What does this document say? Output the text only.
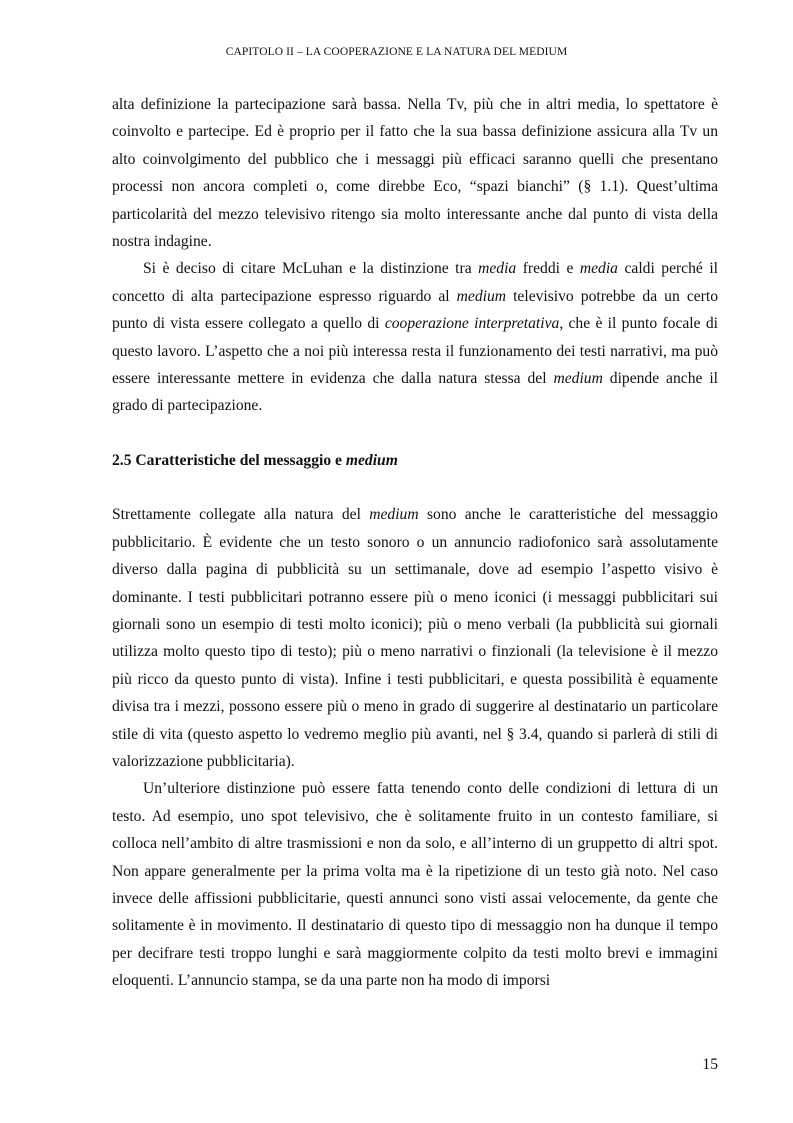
CAPITOLO II – LA COOPERAZIONE E LA NATURA DEL MEDIUM

alta definizione la partecipazione sarà bassa. Nella Tv, più che in altri media, lo spettatore è coinvolto e partecipe. Ed è proprio per il fatto che la sua bassa definizione assicura alla Tv un alto coinvolgimento del pubblico che i messaggi più efficaci saranno quelli che presentano processi non ancora completi o, come direbbe Eco, “spazi bianchi” (§ 1.1). Quest’ultima particolarità del mezzo televisivo ritengo sia molto interessante anche dal punto di vista della nostra indagine.

Si è deciso di citare McLuhan e la distinzione tra media freddi e media caldi perché il concetto di alta partecipazione espresso riguardo al medium televisivo potrebbe da un certo punto di vista essere collegato a quello di cooperazione interpretativa, che è il punto focale di questo lavoro. L’aspetto che a noi più interessa resta il funzionamento dei testi narrativi, ma può essere interessante mettere in evidenza che dalla natura stessa del medium dipende anche il grado di partecipazione.

2.5 Caratteristiche del messaggio e medium

Strettamente collegate alla natura del medium sono anche le caratteristiche del messaggio pubblicitario. È evidente che un testo sonoro o un annuncio radiofonico sarà assolutamente diverso dalla pagina di pubblicità su un settimanale, dove ad esempio l’aspetto visivo è dominante. I testi pubblicitari potranno essere più o meno iconici (i messaggi pubblicitari sui giornali sono un esempio di testi molto iconici); più o meno verbali (la pubblicità sui giornali utilizza molto questo tipo di testo); più o meno narrativi o finzionali (la televisione è il mezzo più ricco da questo punto di vista). Infine i testi pubblicitari, e questa possibilità è equamente divisa tra i mezzi, possono essere più o meno in grado di suggerire al destinatario un particolare stile di vita (questo aspetto lo vedremo meglio più avanti, nel § 3.4, quando si parlerà di stili di valorizzazione pubblicitaria).

Un’ulteriore distinzione può essere fatta tenendo conto delle condizioni di lettura di un testo. Ad esempio, uno spot televisivo, che è solitamente fruito in un contesto familiare, si colloca nell’ambito di altre trasmissioni e non da solo, e all’interno di un gruppetto di altri spot. Non appare generalmente per la prima volta ma è la ripetizione di un testo già noto. Nel caso invece delle affissioni pubblicitarie, questi annunci sono visti assai velocemente, da gente che solitamente è in movimento. Il destinatario di questo tipo di messaggio non ha dunque il tempo per decifrare testi troppo lunghi e sarà maggiormente colpito da testi molto brevi e immagini eloquenti. L’annuncio stampa, se da una parte non ha modo di imporsi

15
